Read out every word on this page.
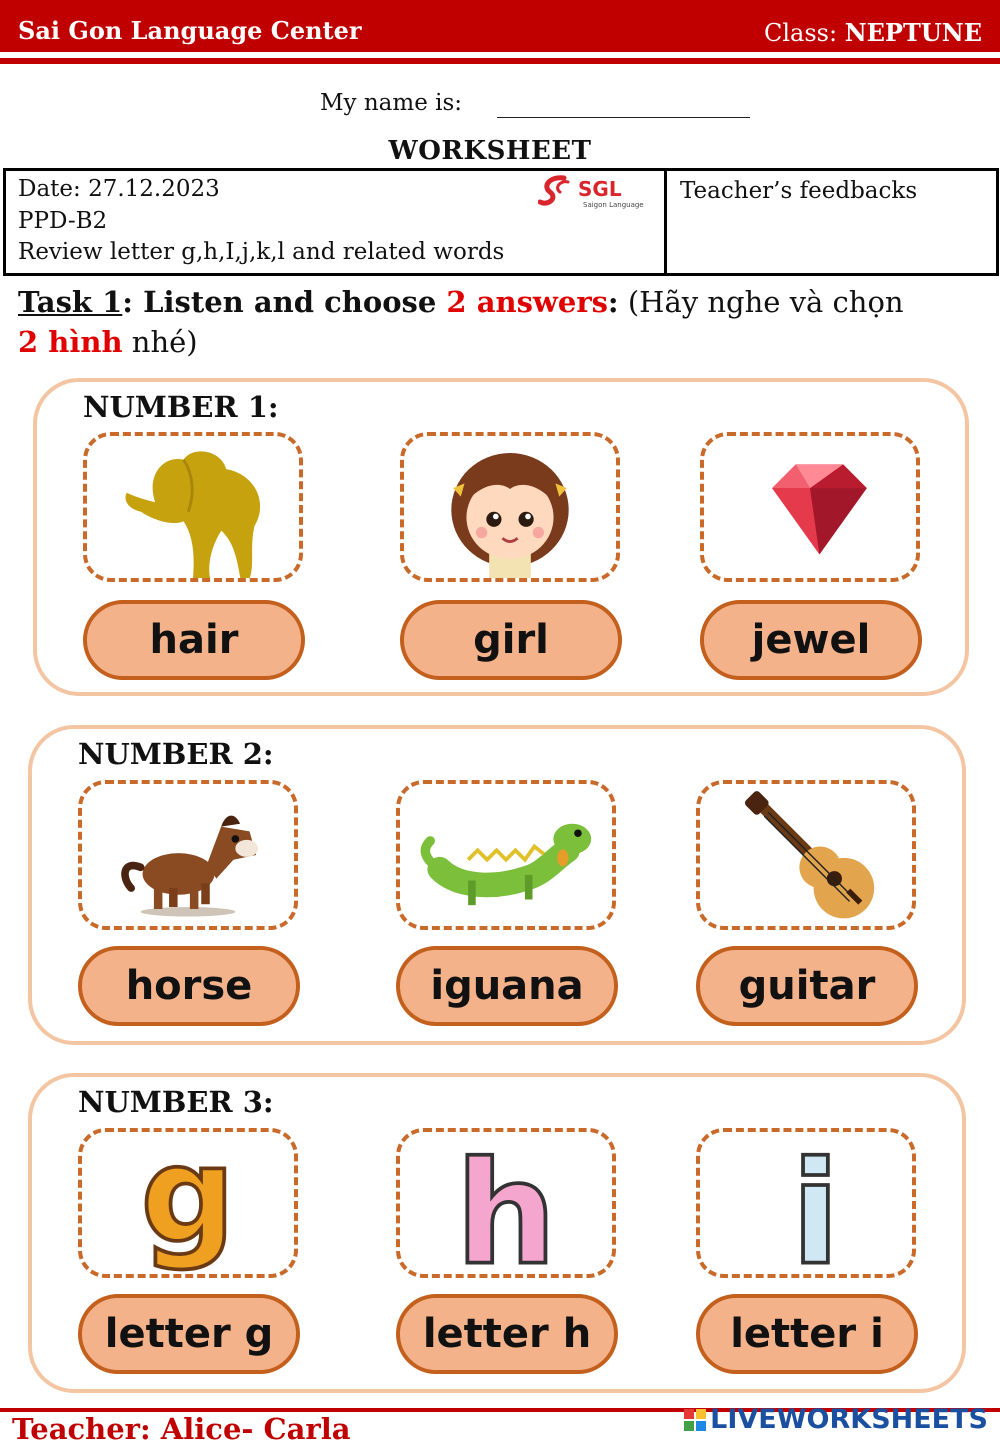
Sai Gon Language Center	Class: NEPTUNE
My name is:
WORKSHEET
Date: 27.12.2023
PPD-B2
Review letter g,h,I,j,k,l and related words
Teacher’s feedbacks
SGL
Saigon Language
Task 1: Listen and choose 2 answers: (Hãy nghe và chọn
2 hình nhé)
NUMBER 1:
hair	girl	jewel
NUMBER 2:
horse	iguana	guitar
NUMBER 3:
g h i
letter g	letter h	letter i
Teacher: Alice- Carla	LIVEWORKSHEETS
